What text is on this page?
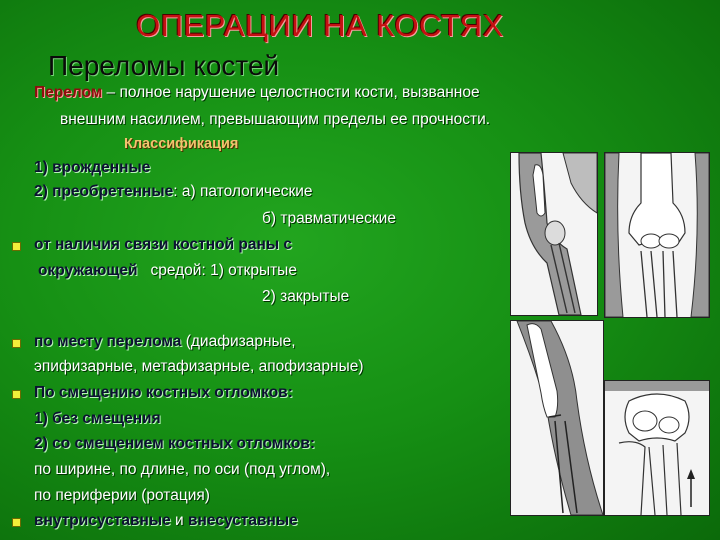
ОПЕРАЦИИ НА КОСТЯХ
Переломы костей
Перелом – полное нарушение целостности кости, вызванное
внешним насилием, превышающим пределы ее прочности.
Классификация
1) врожденные
2) преобретенные: а) патологические
б) травматические
от наличия связи костной раны с
окружающей средой: 1) открытые
2) закрытые
по месту перелома (диафизарные,
эпифизарные, метафизарные, апофизарные)
По смещению костных отломков:
1) без смещения
2) со смещением костных отломков:
по ширине, по длине, по оси (под углом),
по периферии (ротация)
внутрисуставные и внесуставные
